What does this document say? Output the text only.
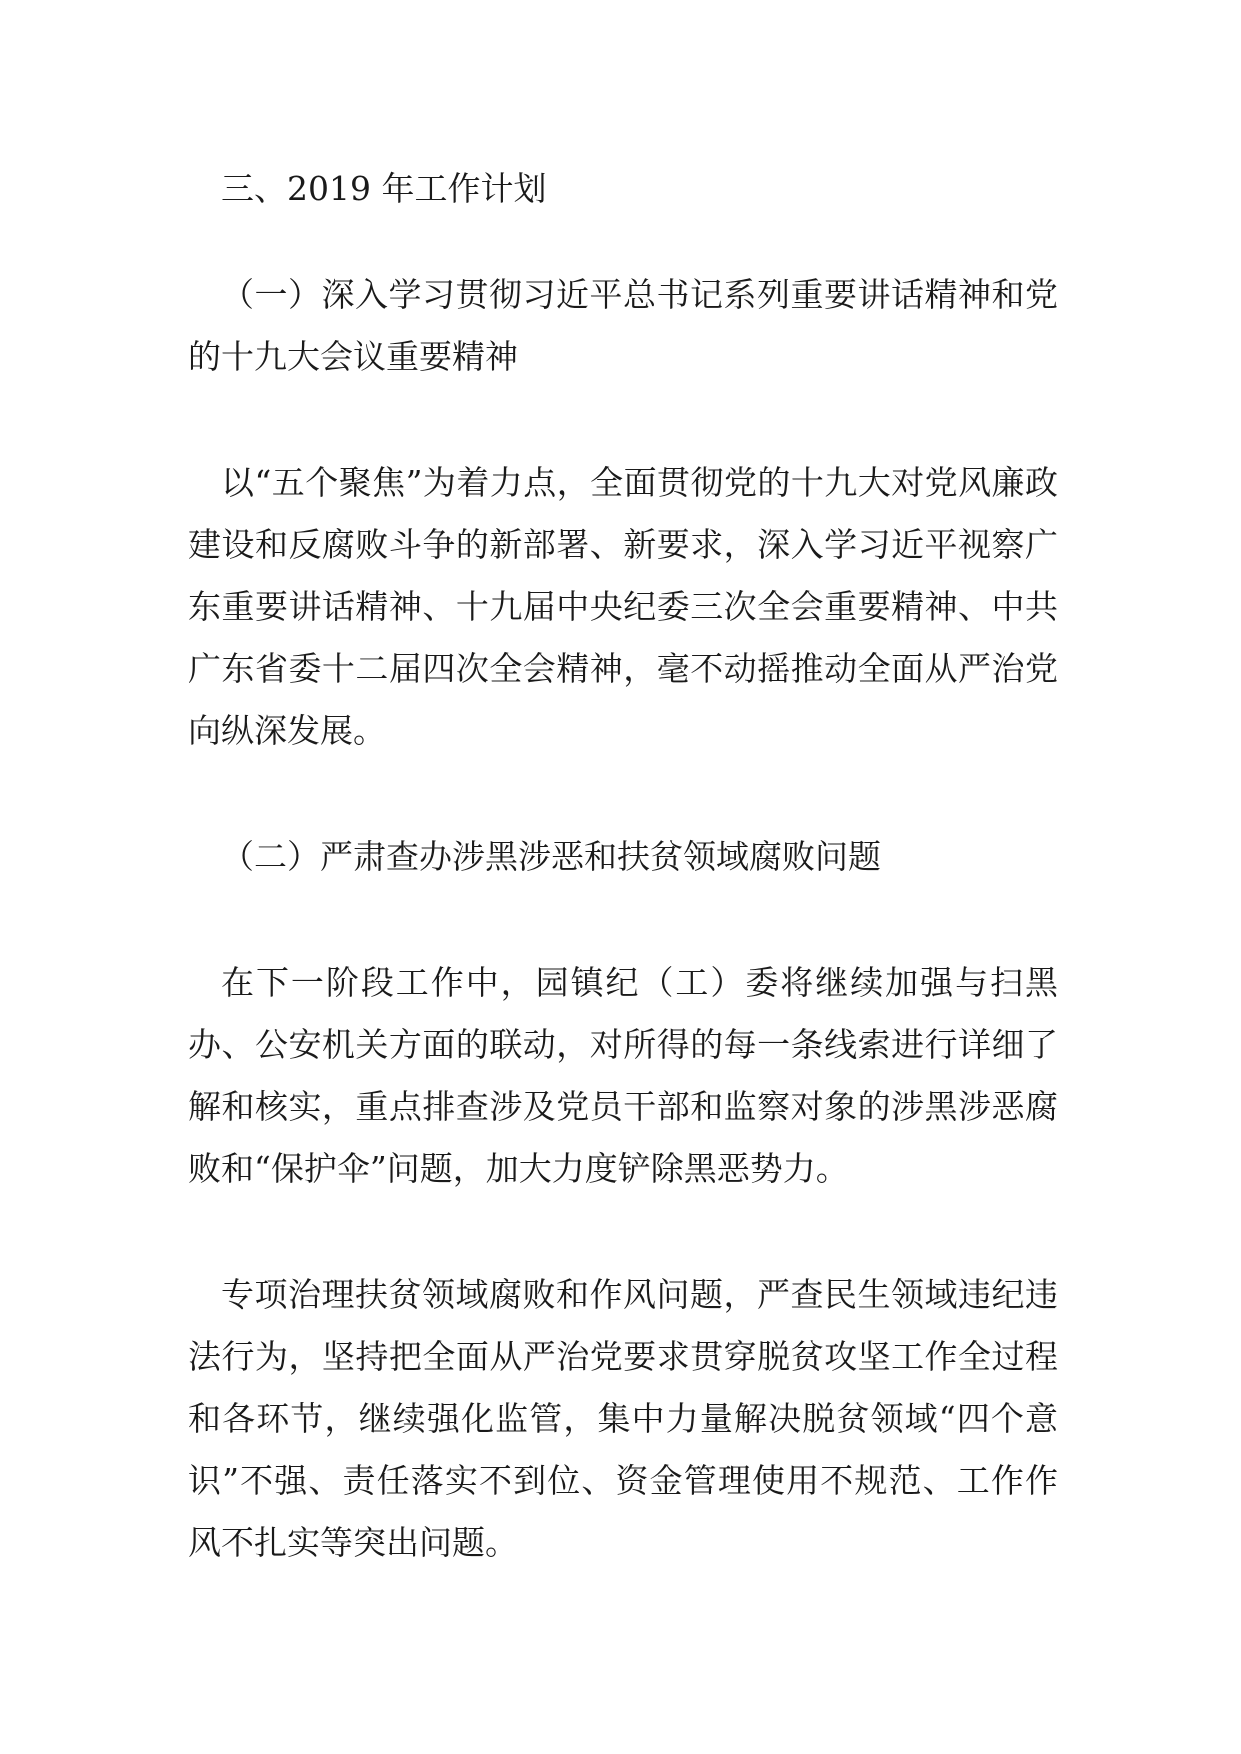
三、2019 年工作计划

（一）深入学习贯彻习近平总书记系列重要讲话精神和党的十九大会议重要精神

以“五个聚焦”为着力点，全面贯彻党的十九大对党风廉政建设和反腐败斗争的新部署、新要求，深入学习近平视察广东重要讲话精神、十九届中央纪委三次全会重要精神、中共广东省委十二届四次全会精神，毫不动摇推动全面从严治党向纵深发展。

（二）严肃查办涉黑涉恶和扶贫领域腐败问题

在下一阶段工作中，园镇纪（工）委将继续加强与扫黑办、公安机关方面的联动，对所得的每一条线索进行详细了解和核实，重点排查涉及党员干部和监察对象的涉黑涉恶腐败和“保护伞”问题，加大力度铲除黑恶势力。

专项治理扶贫领域腐败和作风问题，严查民生领域违纪违法行为，坚持把全面从严治党要求贯穿脱贫攻坚工作全过程和各环节，继续强化监管，集中力量解决脱贫领域“四个意识”不强、责任落实不到位、资金管理使用不规范、工作作风不扎实等突出问题。
